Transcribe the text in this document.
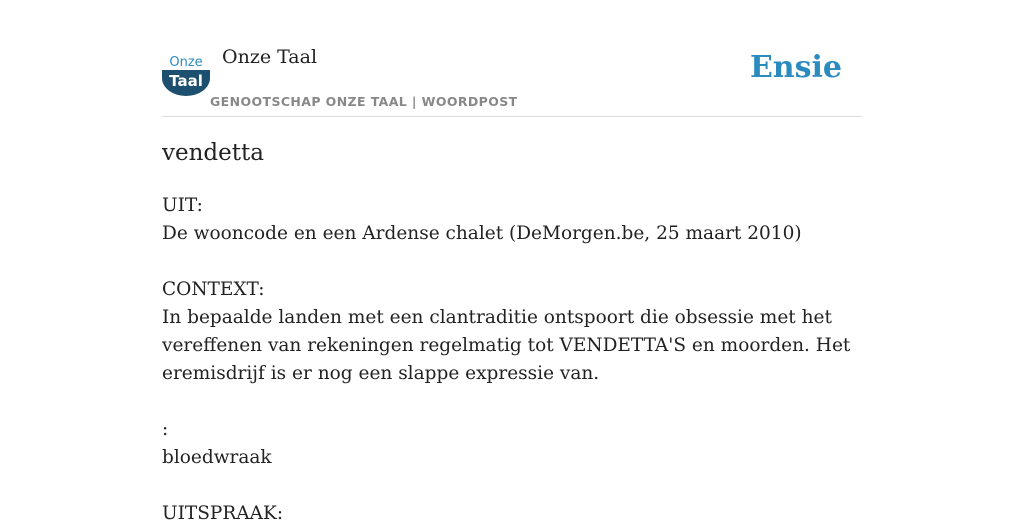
Onze
Taal
Onze Taal
GENOOTSCHAP ONZE TAAL | WOORDPOST
Ensie
vendetta
UIT:
De wooncode en een Ardense chalet (DeMorgen.be, 25 maart 2010)
CONTEXT:
In bepaalde landen met een clantraditie ontspoort die obsessie met het
vereffenen van rekeningen regelmatig tot VENDETTA'S en moorden. Het
eremisdrijf is er nog een slappe expressie van.
:
bloedwraak
UITSPRAAK:
